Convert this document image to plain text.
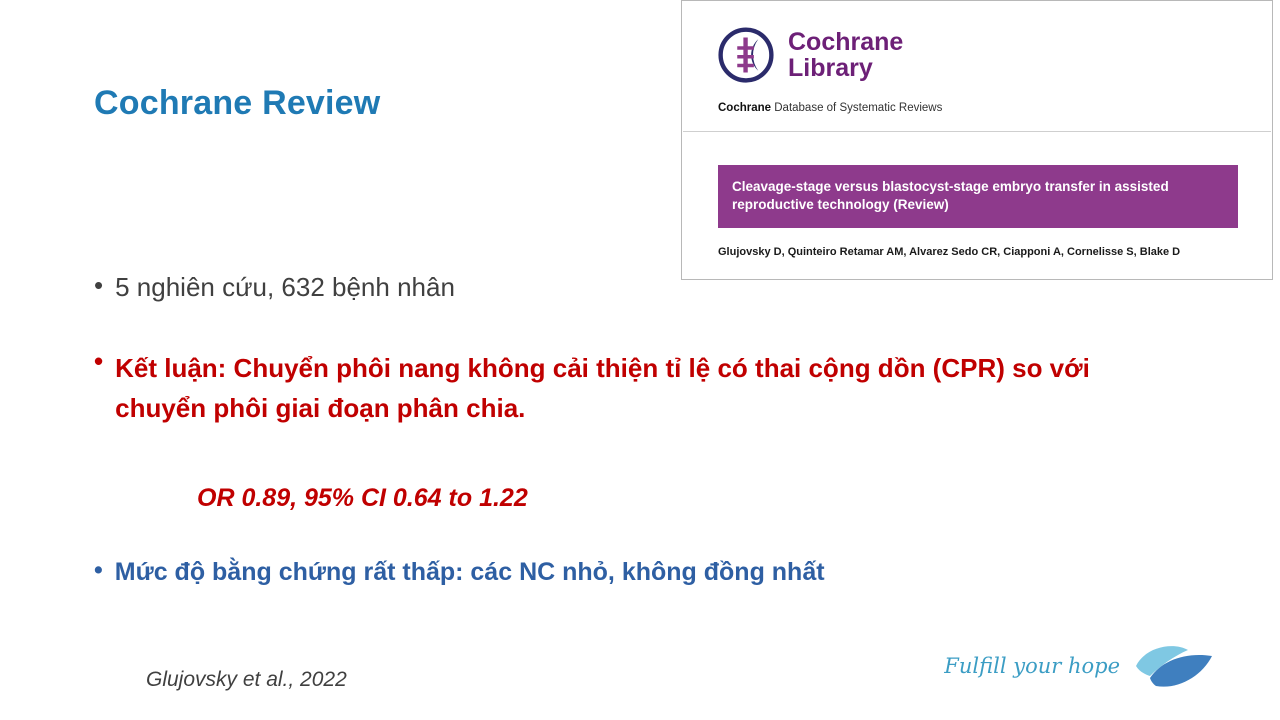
Cochrane Review
Cochrane
Library
Cochrane Database of Systematic Reviews
Cleavage-stage versus blastocyst-stage embryo transfer in assisted reproductive technology (Review)
Glujovsky D, Quinteiro Retamar AM, Alvarez Sedo CR, Ciapponi A, Cornelisse S, Blake D
• 5 nghiên cứu, 632 bệnh nhân
• Kết luận: Chuyển phôi nang không cải thiện tỉ lệ có thai cộng dồn (CPR) so với chuyển phôi giai đoạn phân chia.
OR 0.89, 95% CI 0.64 to 1.22
• Mức độ bằng chứng rất thấp: các NC nhỏ, không đồng nhất
Glujovsky et al., 2022
Fulfill your hope
